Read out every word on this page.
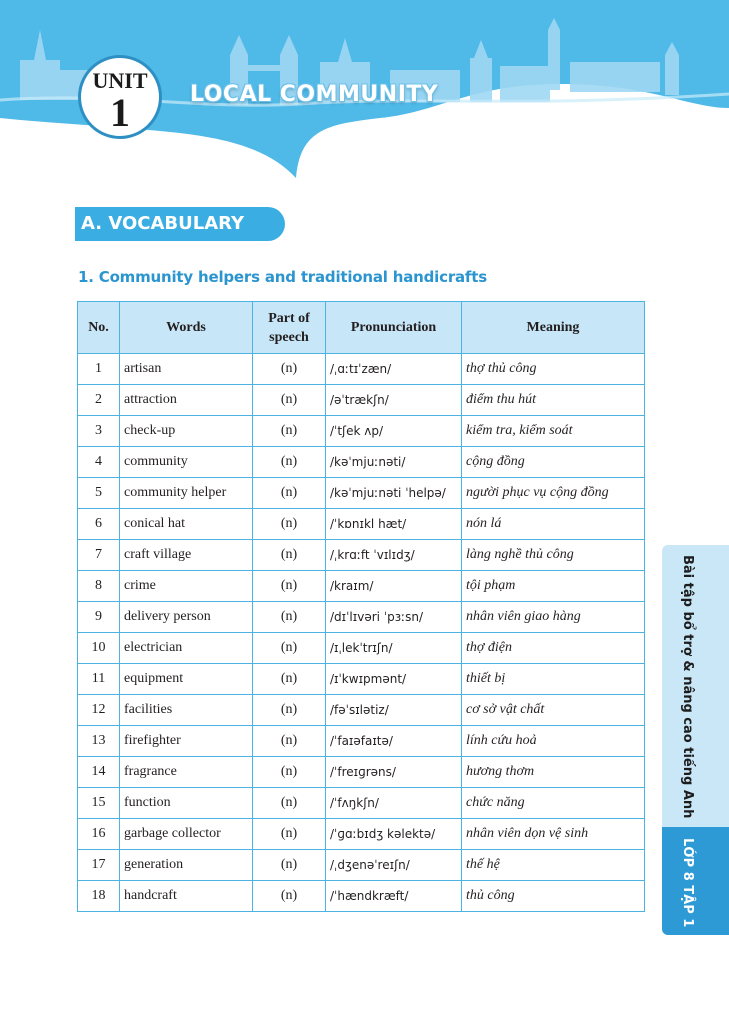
UNIT
1	LOCAL COMMUNITY
A. VOCABULARY
1. Community helpers and traditional handicrafts
No.	Words	Part of speech	Pronunciation	Meaning
1	artisan	(n)	/ˌɑːtɪˈzæn/	thợ thủ công
2	attraction	(n)	/əˈtrækʃn/	điểm thu hút
3	check-up	(n)	/ˈtʃek ʌp/	kiểm tra, kiểm soát
4	community	(n)	/kəˈmjuːnəti/	cộng đồng
5	community helper	(n)	/kəˈmjuːnəti ˈhelpə/	người phục vụ cộng đồng
6	conical hat	(n)	/ˈkɒnɪkl hæt/	nón lá
7	craft village	(n)	/ˌkrɑːft ˈvɪlɪdʒ/	làng nghề thủ công
8	crime	(n)	/kraɪm/	tội phạm
9	delivery person	(n)	/dɪˈlɪvəri ˈpɜːsn/	nhân viên giao hàng
10	electrician	(n)	/ɪˌlekˈtrɪʃn/	thợ điện
11	equipment	(n)	/ɪˈkwɪpmənt/	thiết bị
12	facilities	(n)	/fəˈsɪlətiz/	cơ sở vật chất
13	firefighter	(n)	/ˈfaɪəfaɪtə/	lính cứu hoả
14	fragrance	(n)	/ˈfreɪɡrəns/	hương thơm
15	function	(n)	/ˈfʌŋkʃn/	chức năng
16	garbage collector	(n)	/ˈɡɑːbɪdʒ kəlektə/	nhân viên dọn vệ sinh
17	generation	(n)	/ˌdʒenəˈreɪʃn/	thế hệ
18	handcraft	(n)	/ˈhændkræft/	thủ công
Bài tập bổ trợ & nâng cao tiếng Anh
LỚP 8 TẬP 1
